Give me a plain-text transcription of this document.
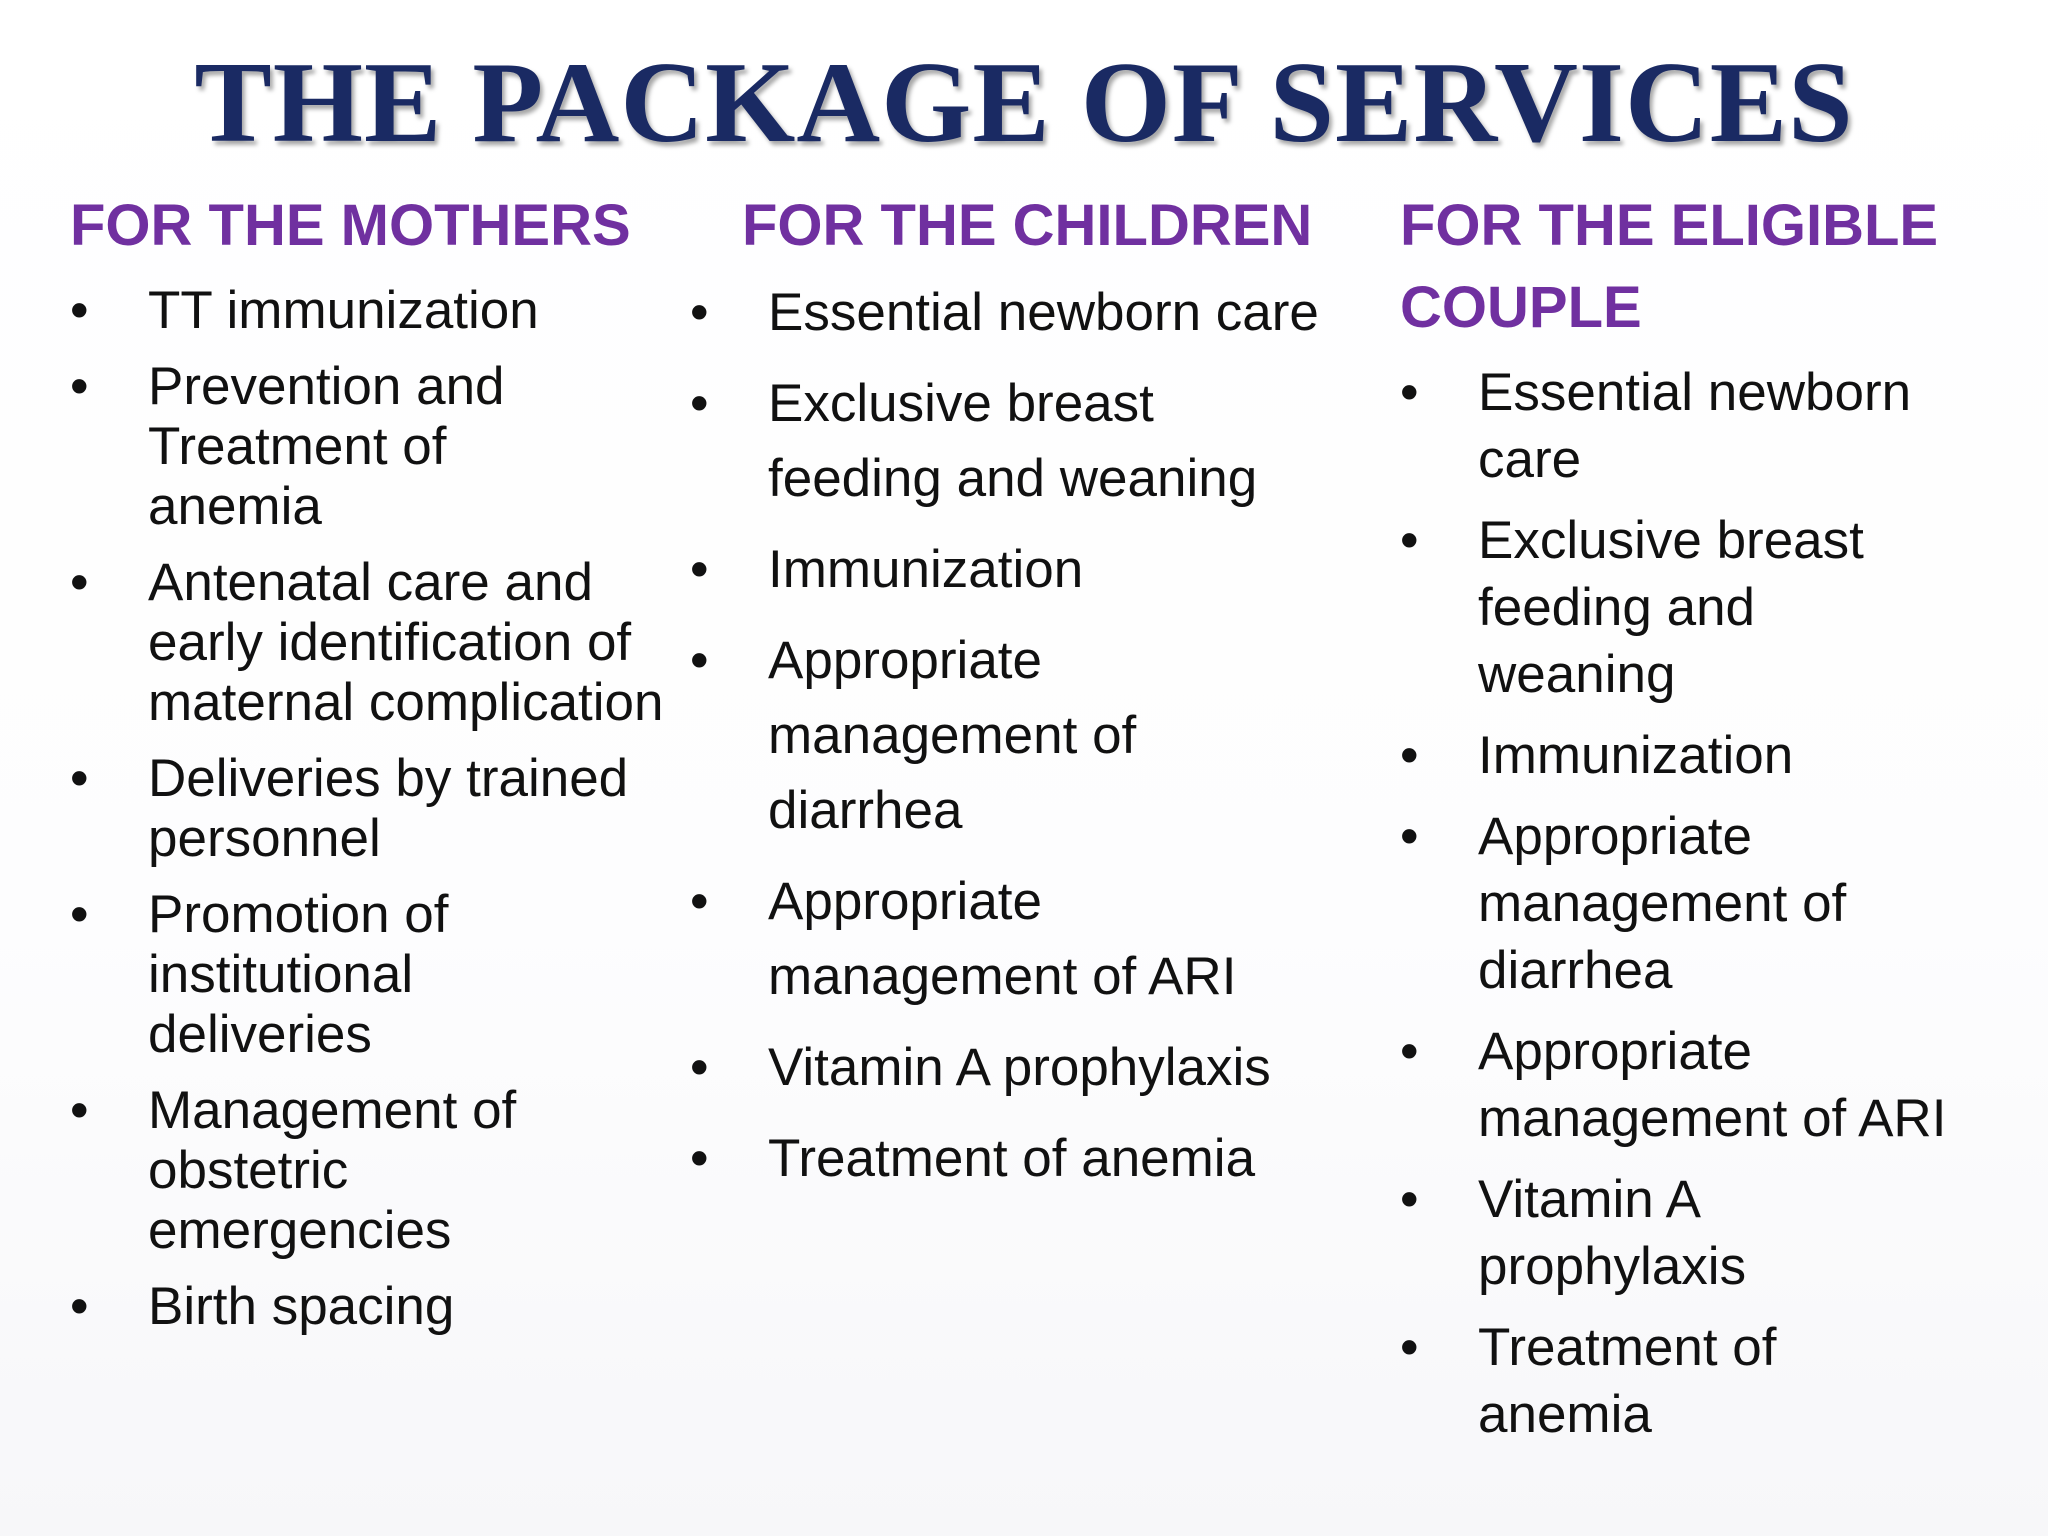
THE PACKAGE OF SERVICES
FOR THE MOTHERS
• TT immunization
• Prevention and Treatment of anemia
• Antenatal care and early identification of maternal complication
• Deliveries by trained personnel
• Promotion of institutional deliveries
• Management of obstetric emergencies
• Birth spacing
FOR THE CHILDREN
• Essential newborn care
• Exclusive breast feeding and weaning
• Immunization
• Appropriate management of diarrhea
• Appropriate management of ARI
• Vitamin A prophylaxis
• Treatment of anemia
FOR THE ELIGIBLE COUPLE
• Essential newborn care
• Exclusive breast feeding and weaning
• Immunization
• Appropriate management of diarrhea
• Appropriate management of ARI
• Vitamin A prophylaxis
• Treatment of anemia
